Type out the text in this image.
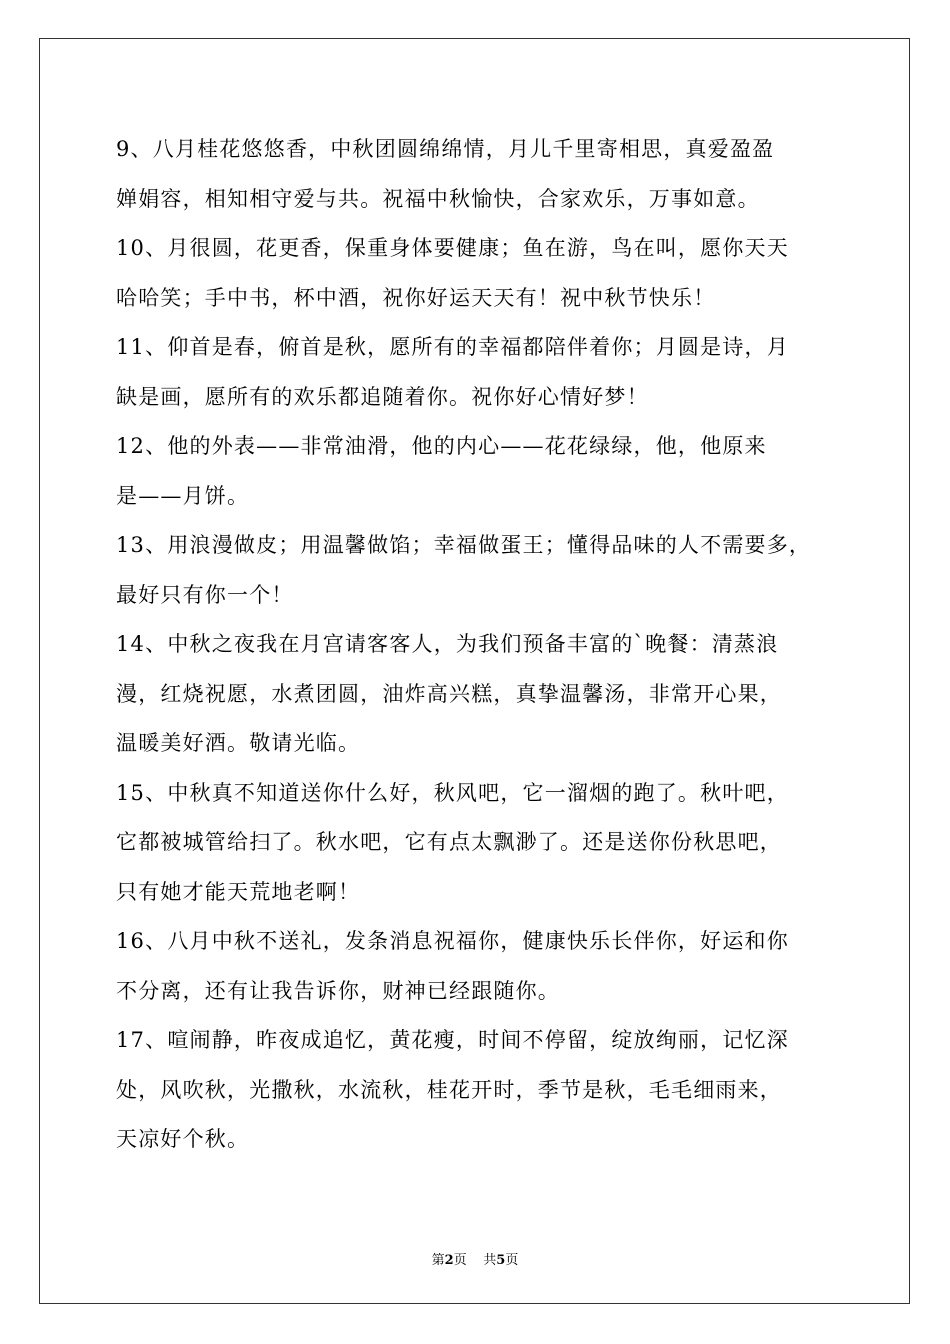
9、八月桂花悠悠香，中秋团圆绵绵情，月儿千里寄相思，真爱盈盈
婵娟容，相知相守爱与共。祝福中秋愉快，合家欢乐，万事如意。

10、月很圆，花更香，保重身体要健康；鱼在游，鸟在叫，愿你天天
哈哈笑；手中书，杯中酒，祝你好运天天有！祝中秋节快乐！

11、仰首是春，俯首是秋，愿所有的幸福都陪伴着你；月圆是诗，月
缺是画，愿所有的欢乐都追随着你。祝你好心情好梦！

12、他的外表——非常油滑，他的内心——花花绿绿，他，他原来
是——月饼。

13、用浪漫做皮；用温馨做馅；幸福做蛋王；懂得品味的人不需要多，
最好只有你一个！

14、中秋之夜我在月宫请客客人，为我们预备丰富的`晚餐：清蒸浪
漫，红烧祝愿，水煮团圆，油炸高兴糕，真挚温馨汤，非常开心果，
温暖美好酒。敬请光临。

15、中秋真不知道送你什么好，秋风吧，它一溜烟的跑了。秋叶吧，
它都被城管给扫了。秋水吧，它有点太飘渺了。还是送你份秋思吧，
只有她才能天荒地老啊！

16、八月中秋不送礼，发条消息祝福你，健康快乐长伴你，好运和你
不分离，还有让我告诉你，财神已经跟随你。

17、喧闹静，昨夜成追忆，黄花瘦，时间不停留，绽放绚丽，记忆深
处，风吹秋，光撒秋，水流秋，桂花开时，季节是秋，毛毛细雨来，
天凉好个秋。

第2页 共5页
